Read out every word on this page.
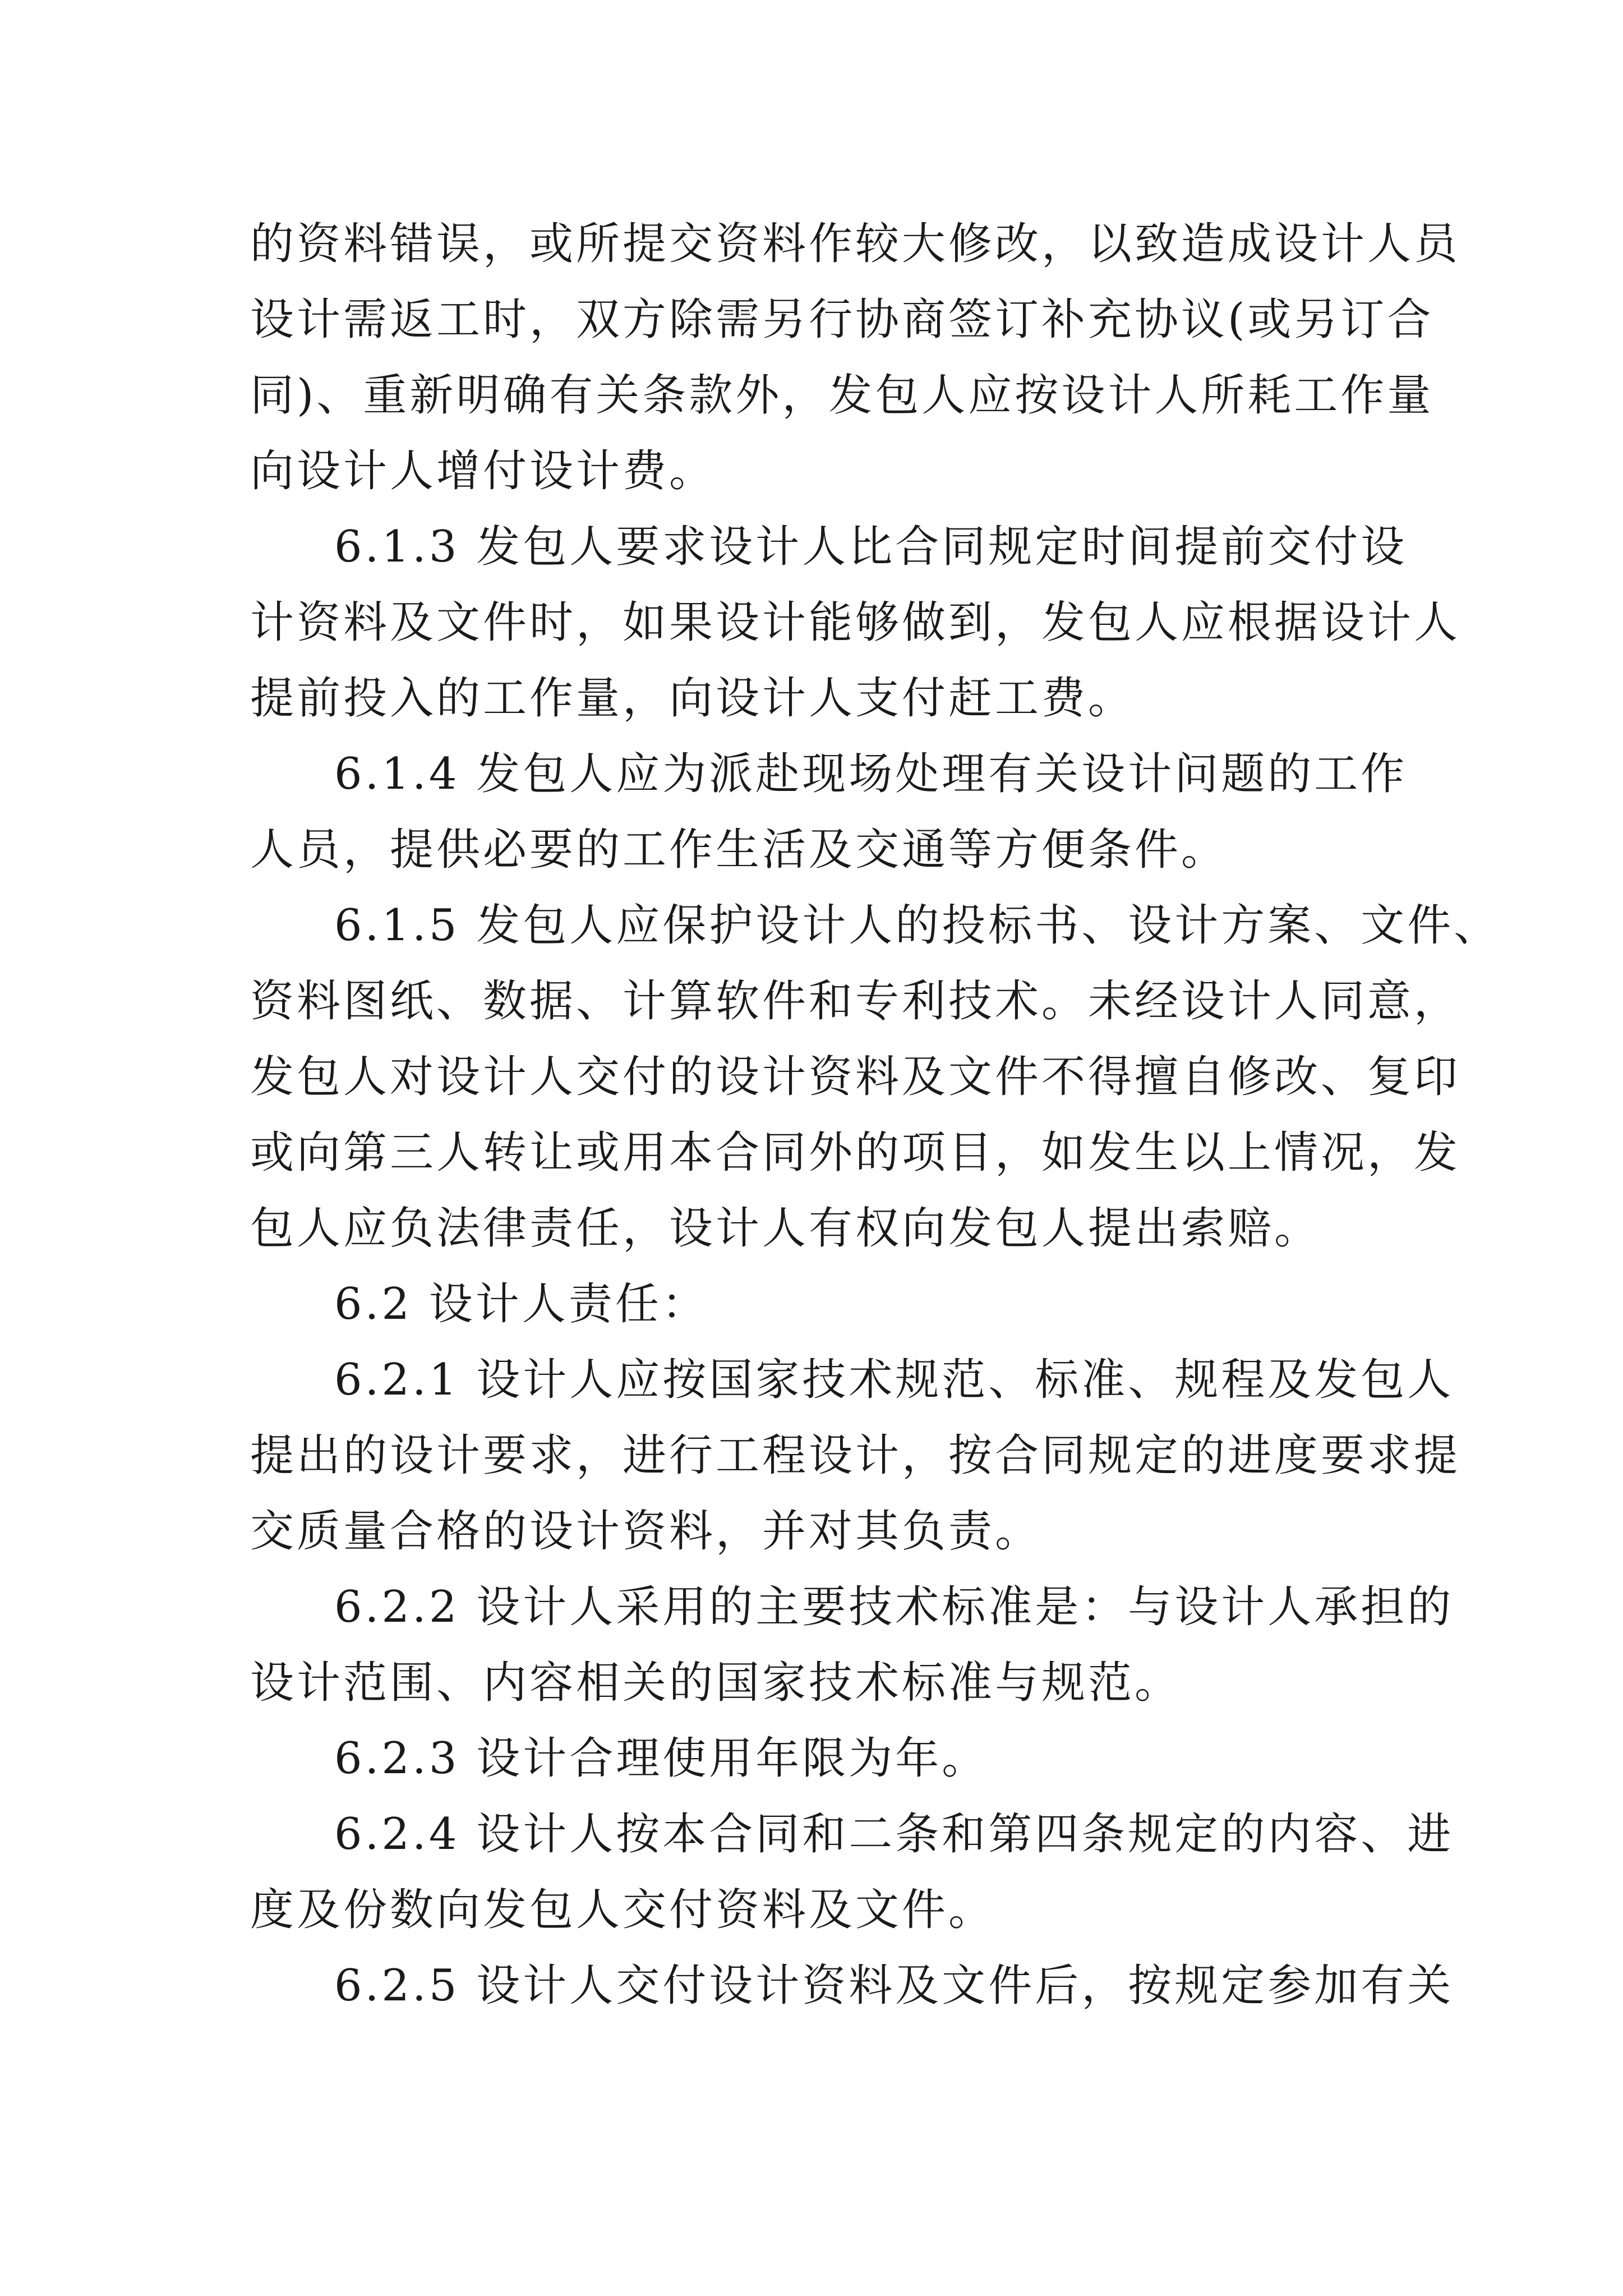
的资料错误，或所提交资料作较大修改，以致造成设计人员
设计需返工时，双方除需另行协商签订补充协议(或另订合
同)、重新明确有关条款外，发包人应按设计人所耗工作量
向设计人增付设计费。
6.1.3 发包人要求设计人比合同规定时间提前交付设
计资料及文件时，如果设计能够做到，发包人应根据设计人
提前投入的工作量，向设计人支付赶工费。
6.1.4 发包人应为派赴现场处理有关设计问题的工作
人员，提供必要的工作生活及交通等方便条件。
6.1.5 发包人应保护设计人的投标书、设计方案、文件、
资料图纸、数据、计算软件和专利技术。未经设计人同意，
发包人对设计人交付的设计资料及文件不得擅自修改、复印
或向第三人转让或用本合同外的项目，如发生以上情况，发
包人应负法律责任，设计人有权向发包人提出索赔。
6.2 设计人责任：
6.2.1 设计人应按国家技术规范、标准、规程及发包人
提出的设计要求，进行工程设计，按合同规定的进度要求提
交质量合格的设计资料，并对其负责。
6.2.2 设计人采用的主要技术标准是：与设计人承担的
设计范围、内容相关的国家技术标准与规范。
6.2.3 设计合理使用年限为年。
6.2.4 设计人按本合同和二条和第四条规定的内容、进
度及份数向发包人交付资料及文件。
6.2.5 设计人交付设计资料及文件后，按规定参加有关
